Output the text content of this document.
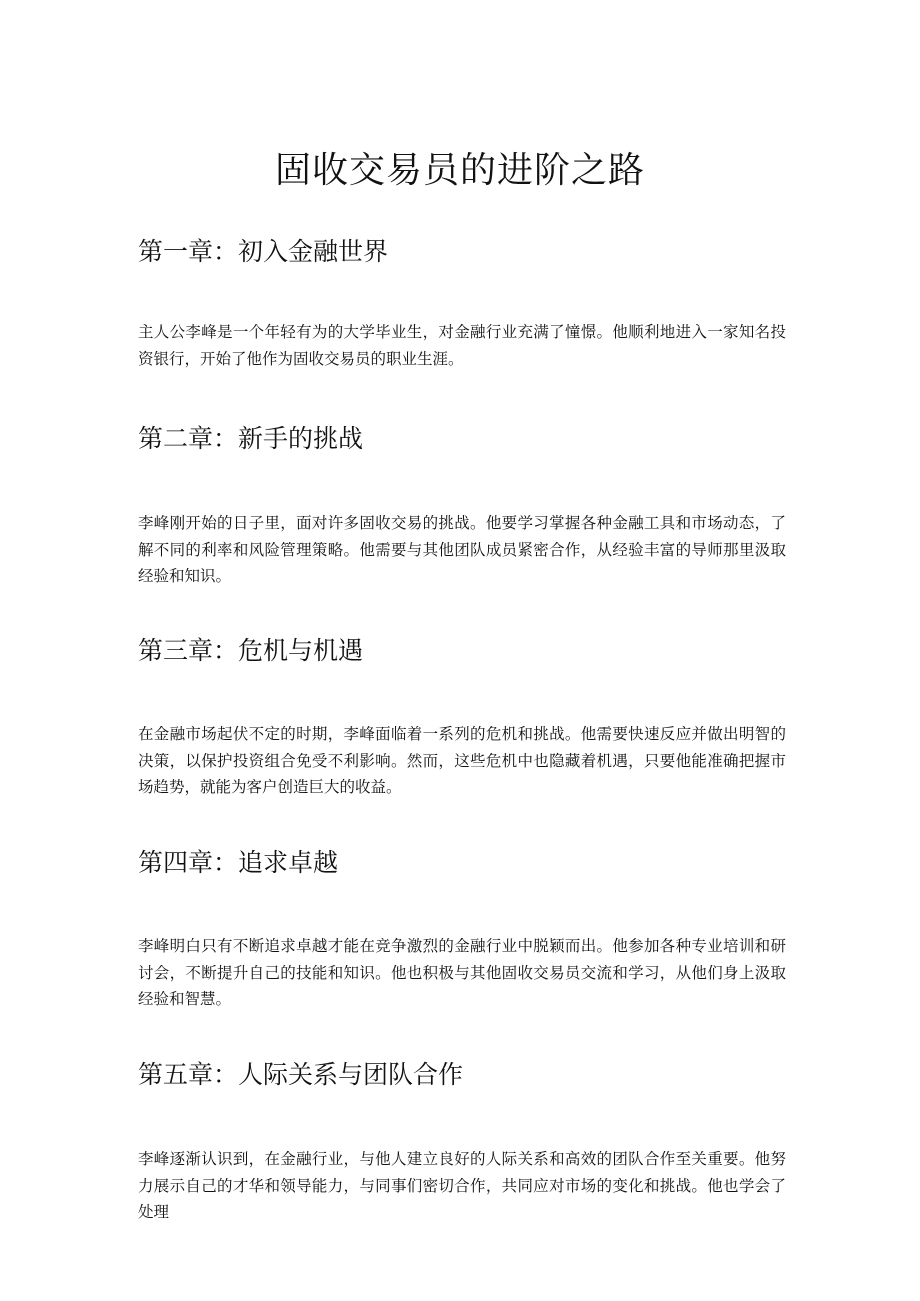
固收交易员的进阶之路
第一章：初入金融世界

主人公李峰是一个年轻有为的大学毕业生，对金融行业充满了憧憬。他顺利地进入一家知名投资银行，开始了他作为固收交易员的职业生涯。

第二章：新手的挑战

李峰刚开始的日子里，面对许多固收交易的挑战。他要学习掌握各种金融工具和市场动态，了解不同的利率和风险管理策略。他需要与其他团队成员紧密合作，从经验丰富的导师那里汲取经验和知识。

第三章：危机与机遇

在金融市场起伏不定的时期，李峰面临着一系列的危机和挑战。他需要快速反应并做出明智的决策，以保护投资组合免受不利影响。然而，这些危机中也隐藏着机遇，只要他能准确把握市场趋势，就能为客户创造巨大的收益。

第四章：追求卓越

李峰明白只有不断追求卓越才能在竞争激烈的金融行业中脱颖而出。他参加各种专业培训和研讨会，不断提升自己的技能和知识。他也积极与其他固收交易员交流和学习，从他们身上汲取经验和智慧。

第五章：人际关系与团队合作

李峰逐渐认识到，在金融行业，与他人建立良好的人际关系和高效的团队合作至关重要。他努力展示自己的才华和领导能力，与同事们密切合作，共同应对市场的变化和挑战。他也学会了处理
